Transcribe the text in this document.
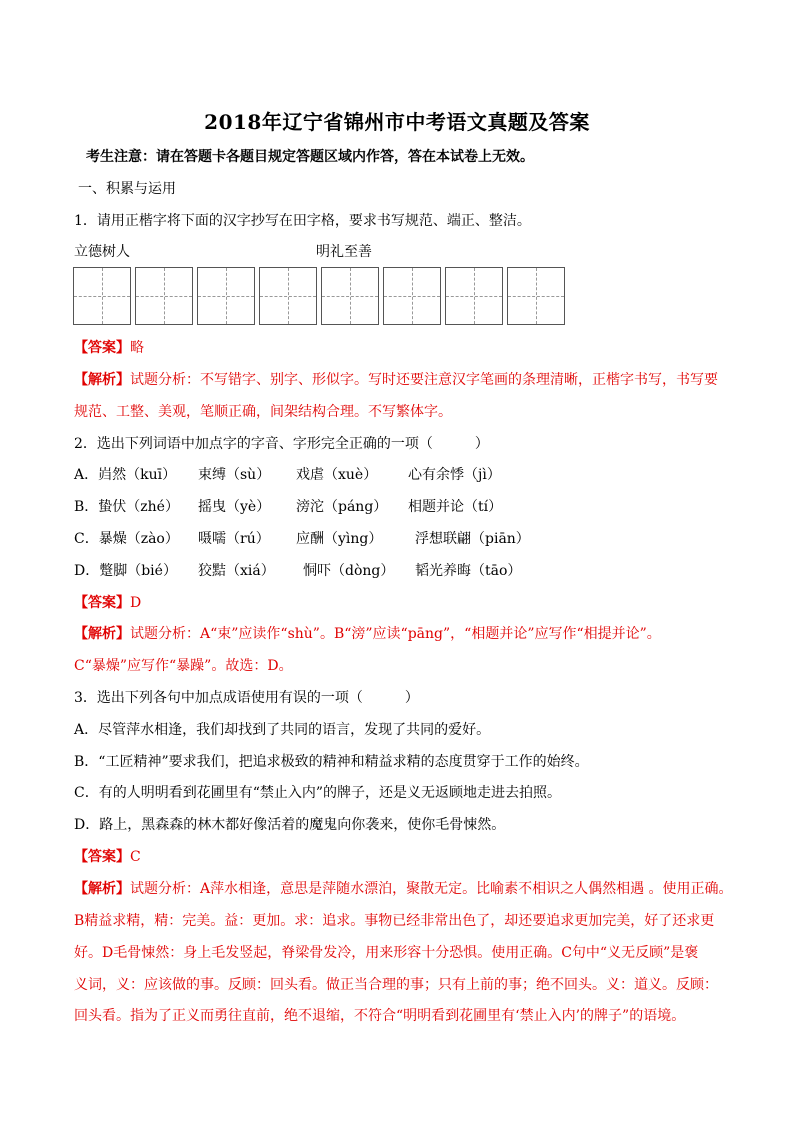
2018年辽宁省锦州市中考语文真题及答案
考生注意：请在答题卡各题目规定答题区域内作答，答在本试卷上无效。
一、积累与运用
1．请用正楷字将下面的汉字抄写在田字格，要求书写规范、端正、整洁。
立德树人	明礼至善
【答案】略
【解析】试题分析：不写错字、别字、形似字。写时还要注意汉字笔画的条理清晰，正楷字书写，书写要
规范、工整、美观，笔顺正确，间架结构合理。不写繁体字。
2．选出下列词语中加点字的字音、字形完全正确的一项（　　　）
A．岿然（kuī） 束缚（sù） 戏虐（xuè） 心有余悸（jì）
B．蛰伏（zhé） 摇曳（yè） 滂沱（páng） 相题并论（tí）
C．暴燥（zào） 嗫嚅（rú） 应酬（yìng） 浮想联翩（piān）
D．蹩脚（bié） 狡黠（xiá） 恫吓（dòng） 韬光养晦（tāo）
【答案】D
【解析】试题分析：A“束”应读作“shù”。B“滂”应读“pāng”，“相题并论”应写作“相提并论”。
C“暴燥”应写作“暴躁”。故选：D。
3．选出下列各句中加点成语使用有误的一项（　　　）
A．尽管萍水相逢，我们却找到了共同的语言，发现了共同的爱好。
B．“工匠精神”要求我们，把追求极致的精神和精益求精的态度贯穿于工作的始终。
C．有的人明明看到花圃里有“禁止入内”的牌子，还是义无返顾地走进去拍照。
D．路上，黑森森的林木都好像活着的魔鬼向你袭来，使你毛骨悚然。
【答案】C
【解析】试题分析：A萍水相逢，意思是萍随水漂泊，聚散无定。比喻素不相识之人偶然相遇 。使用正确。
B精益求精，精：完美。益：更加。求：追求。事物已经非常出色了，却还要追求更加完美，好了还求更
好。D毛骨悚然：身上毛发竖起，脊梁骨发冷，用来形容十分恐惧。使用正确。C句中“义无反顾”是褒
义词，义：应该做的事。反顾：回头看。做正当合理的事；只有上前的事；绝不回头。义：道义。反顾：
回头看。指为了正义而勇往直前，绝不退缩，不符合“明明看到花圃里有‘禁止入内’的牌子”的语境。
